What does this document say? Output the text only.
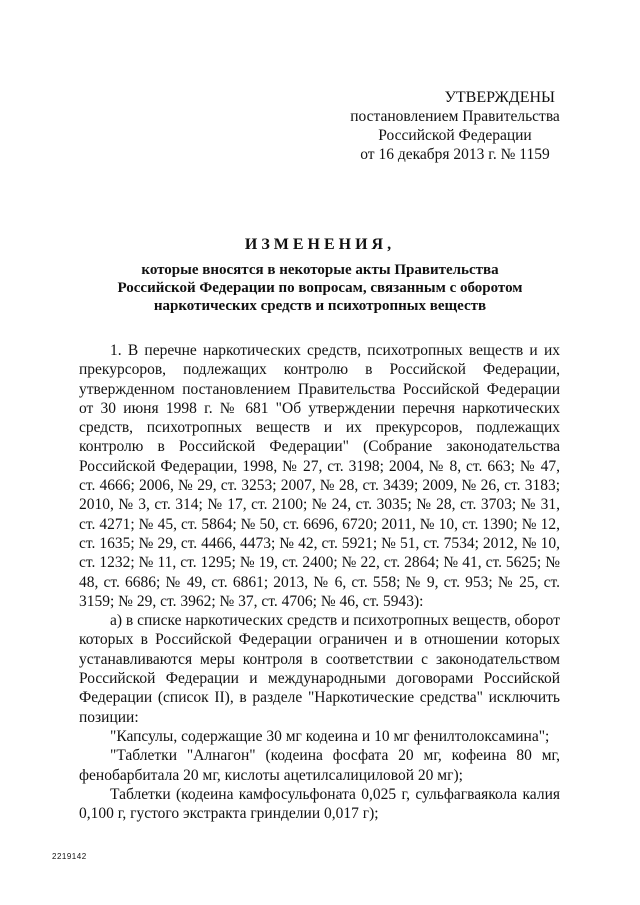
УТВЕРЖДЕНЫ
постановлением Правительства
Российской Федерации
от 16 декабря 2013 г. № 1159
ИЗМЕНЕНИЯ,
которые вносятся в некоторые акты Правительства
Российской Федерации по вопросам, связанным с оборотом
наркотических средств и психотропных веществ

1. В перечне наркотических средств, психотропных веществ и их прекурсоров, подлежащих контролю в Российской Федерации, утвержденном постановлением Правительства Российской Федерации от 30 июня 1998 г. № 681 "Об утверждении перечня наркотических средств, психотропных веществ и их прекурсоров, подлежащих контролю в Российской Федерации" (Собрание законодательства Российской Федерации, 1998, № 27, ст. 3198; 2004, № 8, ст. 663; № 47, ст. 4666; 2006, № 29, ст. 3253; 2007, № 28, ст. 3439; 2009, № 26, ст. 3183; 2010, № 3, ст. 314; № 17, ст. 2100; № 24, ст. 3035; № 28, ст. 3703; № 31, ст. 4271; № 45, ст. 5864; № 50, ст. 6696, 6720; 2011, № 10, ст. 1390; № 12, ст. 1635; № 29, ст. 4466, 4473; № 42, ст. 5921; № 51, ст. 7534; 2012, № 10, ст. 1232; № 11, ст. 1295; № 19, ст. 2400; № 22, ст. 2864; № 41, ст. 5625; № 48, ст. 6686; № 49, ст. 6861; 2013, № 6, ст. 558; № 9, ст. 953; № 25, ст. 3159; № 29, ст. 3962; № 37, ст. 4706; № 46, ст. 5943):

а) в списке наркотических средств и психотропных веществ, оборот которых в Российской Федерации ограничен и в отношении которых устанавливаются меры контроля в соответствии с законодательством Российской Федерации и международными договорами Российской Федерации (список II), в разделе "Наркотические средства" исключить позиции:

"Капсулы, содержащие 30 мг кодеина и 10 мг фенилтолоксамина";

"Таблетки "Алнагон" (кодеина фосфата 20 мг, кофеина 80 мг, фенобарбитала 20 мг, кислоты ацетилсалициловой 20 мг);

Таблетки (кодеина камфосульфоната 0,025 г, сульфагваякола калия 0,100 г, густого экстракта гринделии 0,017 г);

2219142
